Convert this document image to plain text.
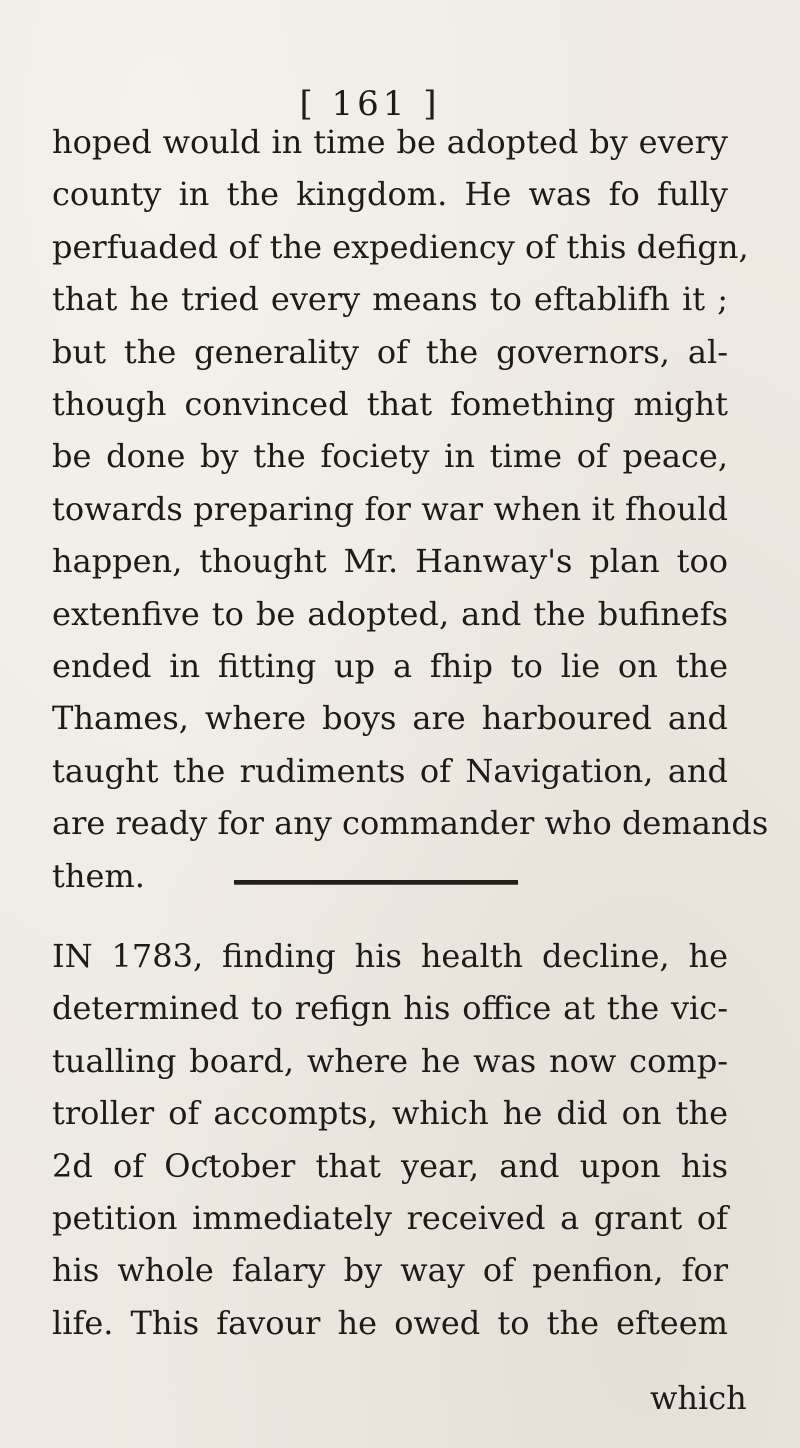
[ 161 ]
hoped would in time be adopted by every
county in the kingdom. He was fo fully
perfuaded of the expediency of this defign,
that he tried every means to eftablifh it ;
but the generality of the governors, al-
though convinced that fomething might
be done by the fociety in time of peace,
towards preparing for war when it fhould
happen, thought Mr. Hanway's plan too
extenfive to be adopted, and the bufinefs
ended in fitting up a fhip to lie on the
Thames, where boys are harboured and
taught the rudiments of Navigation, and
are ready for any commander who demands
them.
IN 1783, finding his health decline, he
determined to refign his office at the vic-
tualling board, where he was now comp-
troller of accompts, which he did on the
2d of Oƈtober that year, and upon his
petition immediately received a grant of
his whole falary by way of penfion, for
life. This favour he owed to the efteem
which
